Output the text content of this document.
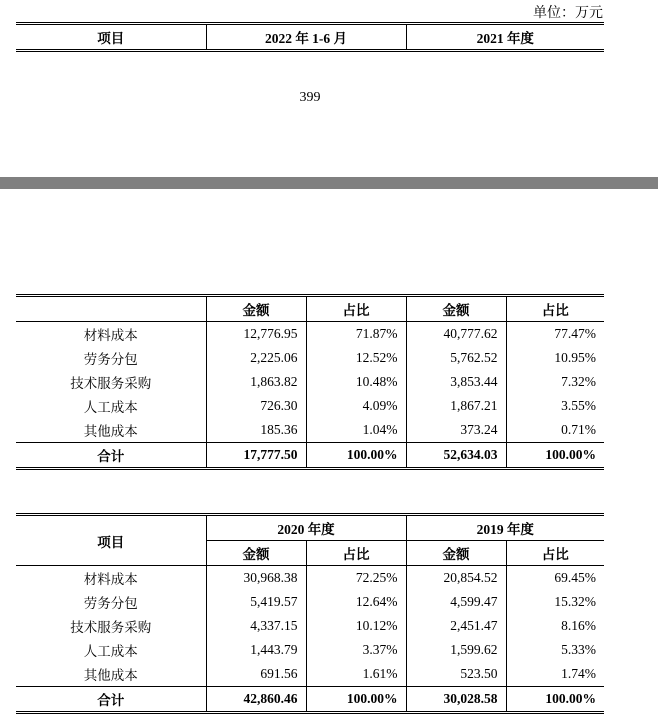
单位：万元
项目	2022 年 1-6 月	2021 年度
399
	金额	占比	金额	占比
材料成本	12,776.95	71.87%	40,777.62	77.47%
劳务分包	2,225.06	12.52%	5,762.52	10.95%
技术服务采购	1,863.82	10.48%	3,853.44	7.32%
人工成本	726.30	4.09%	1,867.21	3.55%
其他成本	185.36	1.04%	373.24	0.71%
合计	17,777.50	100.00%	52,634.03	100.00%
项目	2020 年度		2019 年度	
	金额	占比	金额	占比
材料成本	30,968.38	72.25%	20,854.52	69.45%
劳务分包	5,419.57	12.64%	4,599.47	15.32%
技术服务采购	4,337.15	10.12%	2,451.47	8.16%
人工成本	1,443.79	3.37%	1,599.62	5.33%
其他成本	691.56	1.61%	523.50	1.74%
合计	42,860.46	100.00%	30,028.58	100.00%
